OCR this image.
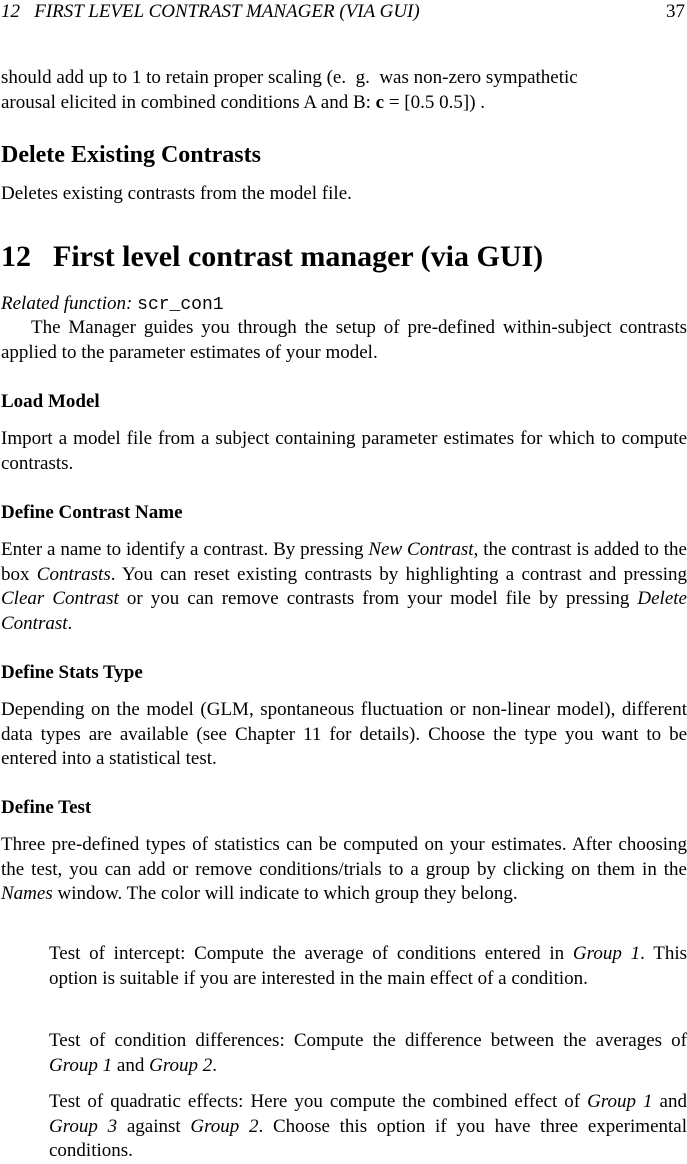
12   FIRST LEVEL CONTRAST MANAGER (VIA GUI)	37

should add up to 1 to retain proper scaling (e.  g.  was non-zero sympathetic
arousal elicited in combined conditions A and B: c = [0.5 0.5]) .

Delete Existing Contrasts

Deletes existing contrasts from the model file.

12 First level contrast manager (via GUI)
Related function: scr_con1

The Manager guides you through the setup of pre-defined within-subject contrasts applied to the parameter estimates of your model.

Load Model

Import a model file from a subject containing parameter estimates for which to compute contrasts.

Define Contrast Name

Enter a name to identify a contrast. By pressing New Contrast, the contrast is added to the box Contrasts. You can reset existing contrasts by highlighting a contrast and pressing Clear Contrast or you can remove contrasts from your model file by pressing Delete Contrast.

Define Stats Type

Depending on the model (GLM, spontaneous fluctuation or non-linear model), different data types are available (see Chapter 11 for details). Choose the type you want to be entered into a statistical test.

Define Test

Three pre-defined types of statistics can be computed on your estimates. After choosing the test, you can add or remove conditions/trials to a group by clicking on them in the Names window. The color will indicate to which group they belong.

Test of intercept: Compute the average of conditions entered in Group 1. This option is suitable if you are interested in the main effect of a condition.

Test of condition differences: Compute the difference between the averages of Group 1 and Group 2.

Test of quadratic effects: Here you compute the combined effect of Group 1 and Group 3 against Group 2. Choose this option if you have three experimental conditions.
